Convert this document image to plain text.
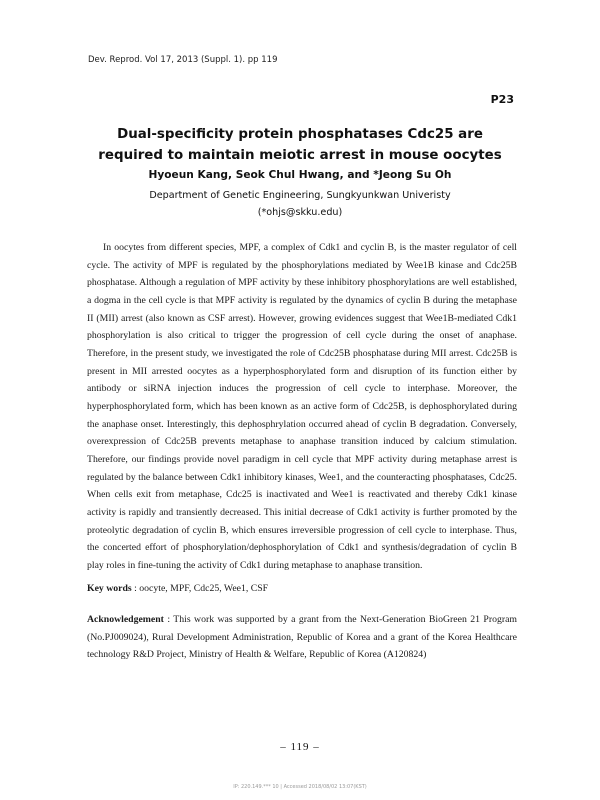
Dev. Reprod. Vol 17, 2013 (Suppl. 1). pp 119
P23
Dual-specificity protein phosphatases Cdc25 are required to maintain meiotic arrest in mouse oocytes
Hyoeun Kang, Seok Chul Hwang, and *Jeong Su Oh
Department of Genetic Engineering, Sungkyunkwan Univeristy
(*ohjs@skku.edu)

In oocytes from different species, MPF, a complex of Cdk1 and cyclin B, is the master regulator of cell cycle. The activity of MPF is regulated by the phosphorylations mediated by Wee1B kinase and Cdc25B phosphatase. Although a regulation of MPF activity by these inhibitory phosphorylations are well established, a dogma in the cell cycle is that MPF activity is regulated by the dynamics of cyclin B during the metaphase II (MII) arrest (also known as CSF arrest). However, growing evidences suggest that Wee1B-mediated Cdk1 phosphorylation is also critical to trigger the progression of cell cycle during the onset of anaphase. Therefore, in the present study, we investigated the role of Cdc25B phosphatase during MII arrest. Cdc25B is present in MII arrested oocytes as a hyperphosphorylated form and disruption of its function either by antibody or siRNA injection induces the progression of cell cycle to interphase. Moreover, the hyperphosphorylated form, which has been known as an active form of Cdc25B, is dephosphorylated during the anaphase onset. Interestingly, this dephosphrylation occurred ahead of cyclin B degradation. Conversely, overexpression of Cdc25B prevents metaphase to anaphase transition induced by calcium stimulation. Therefore, our findings provide novel paradigm in cell cycle that MPF activity during metaphase arrest is regulated by the balance between Cdk1 inhibitory kinases, Wee1, and the counteracting phosphatases, Cdc25. When cells exit from metaphase, Cdc25 is inactivated and Wee1 is reactivated and thereby Cdk1 kinase activity is rapidly and transiently decreased. This initial decrease of Cdk1 activity is further promoted by the proteolytic degradation of cyclin B, which ensures irreversible progression of cell cycle to interphase. Thus, the concerted effort of phosphorylation/dephosphorylation of Cdk1 and synthesis/degradation of cyclin B play roles in fine-tuning the activity of Cdk1 during metaphase to anaphase transition.

Key words : oocyte, MPF, Cdc25, Wee1, CSF

Acknowledgement : This work was supported by a grant from the Next-Generation BioGreen 21 Program (No.PJ009024), Rural Development Administration, Republic of Korea and a grant of the Korea Healthcare technology R&D Project, Ministry of Health & Welfare, Republic of Korea (A120824)

– 119 –
IP: 220.149.*** 10 | Accessed 2018/08/02 13:07(KST)
